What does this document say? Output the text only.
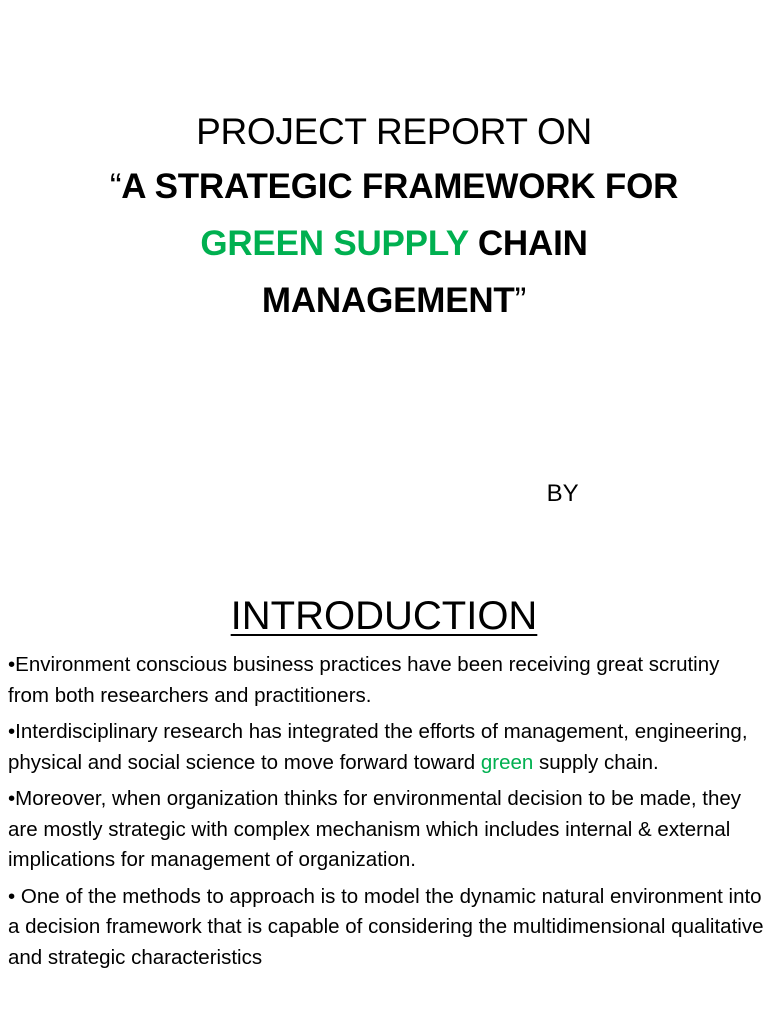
PROJECT REPORT ON
“A STRATEGIC FRAMEWORK FOR
GREEN SUPPLY CHAIN
MANAGEMENT”

BY

INTRODUCTION

•Environment conscious business practices have been receiving great scrutiny from both researchers and practitioners.

•Interdisciplinary research has integrated the efforts of management, engineering, physical and social science to move forward toward green supply chain.

•Moreover, when organization thinks for environmental decision to be made, they are mostly strategic with complex mechanism which includes internal & external implications for management of organization.

• One of the methods to approach is to model the dynamic natural environment into a decision framework that is capable of considering the multidimensional qualitative and strategic characteristics
